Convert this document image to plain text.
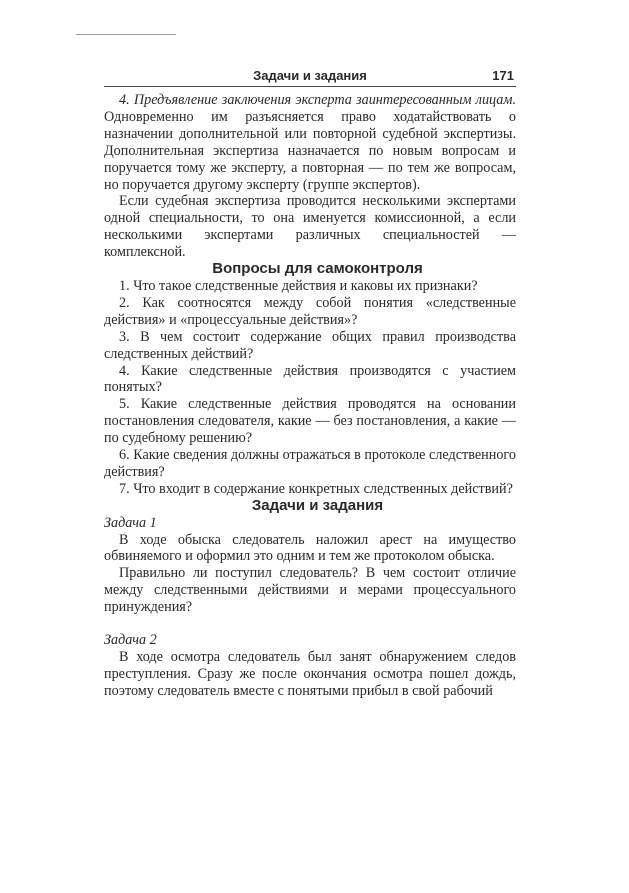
Задачи и задания	171

4. Предъявление заключения эксперта заинтересованным лицам. Одновременно им разъясняется право ходатайствовать о назначении дополнительной или повторной судебной экспертизы. Дополнительная экспертиза назначается по новым вопросам и поручается тому же эксперту, а повторная — по тем же вопросам, но поручается другому эксперту (группе экспертов).

Если судебная экспертиза проводится несколькими экспертами одной специальности, то она именуется комиссионной, а если несколькими экспертами различных специальностей — комплексной.

Вопросы для самоконтроля

1. Что такое следственные действия и каковы их признаки?

2. Как соотносятся между собой понятия «следственные действия» и «процессуальные действия»?

3. В чем состоит содержание общих правил производства следственных действий?

4. Какие следственные действия производятся с участием понятых?

5. Какие следственные действия проводятся на основании постановления следователя, какие — без постановления, а какие — по судебному решению?

6. Какие сведения должны отражаться в протоколе следственного действия?

7. Что входит в содержание конкретных следственных действий?

Задачи и задания

Задача 1

В ходе обыска следователь наложил арест на имущество обвиняемого и оформил это одним и тем же протоколом обыска.

Правильно ли поступил следователь? В чем состоит отличие между следственными действиями и мерами процессуального принуждения?

Задача 2

В ходе осмотра следователь был занят обнаружением следов преступления. Сразу же после окончания осмотра пошел дождь, поэтому следователь вместе с понятыми прибыл в свой рабочий
